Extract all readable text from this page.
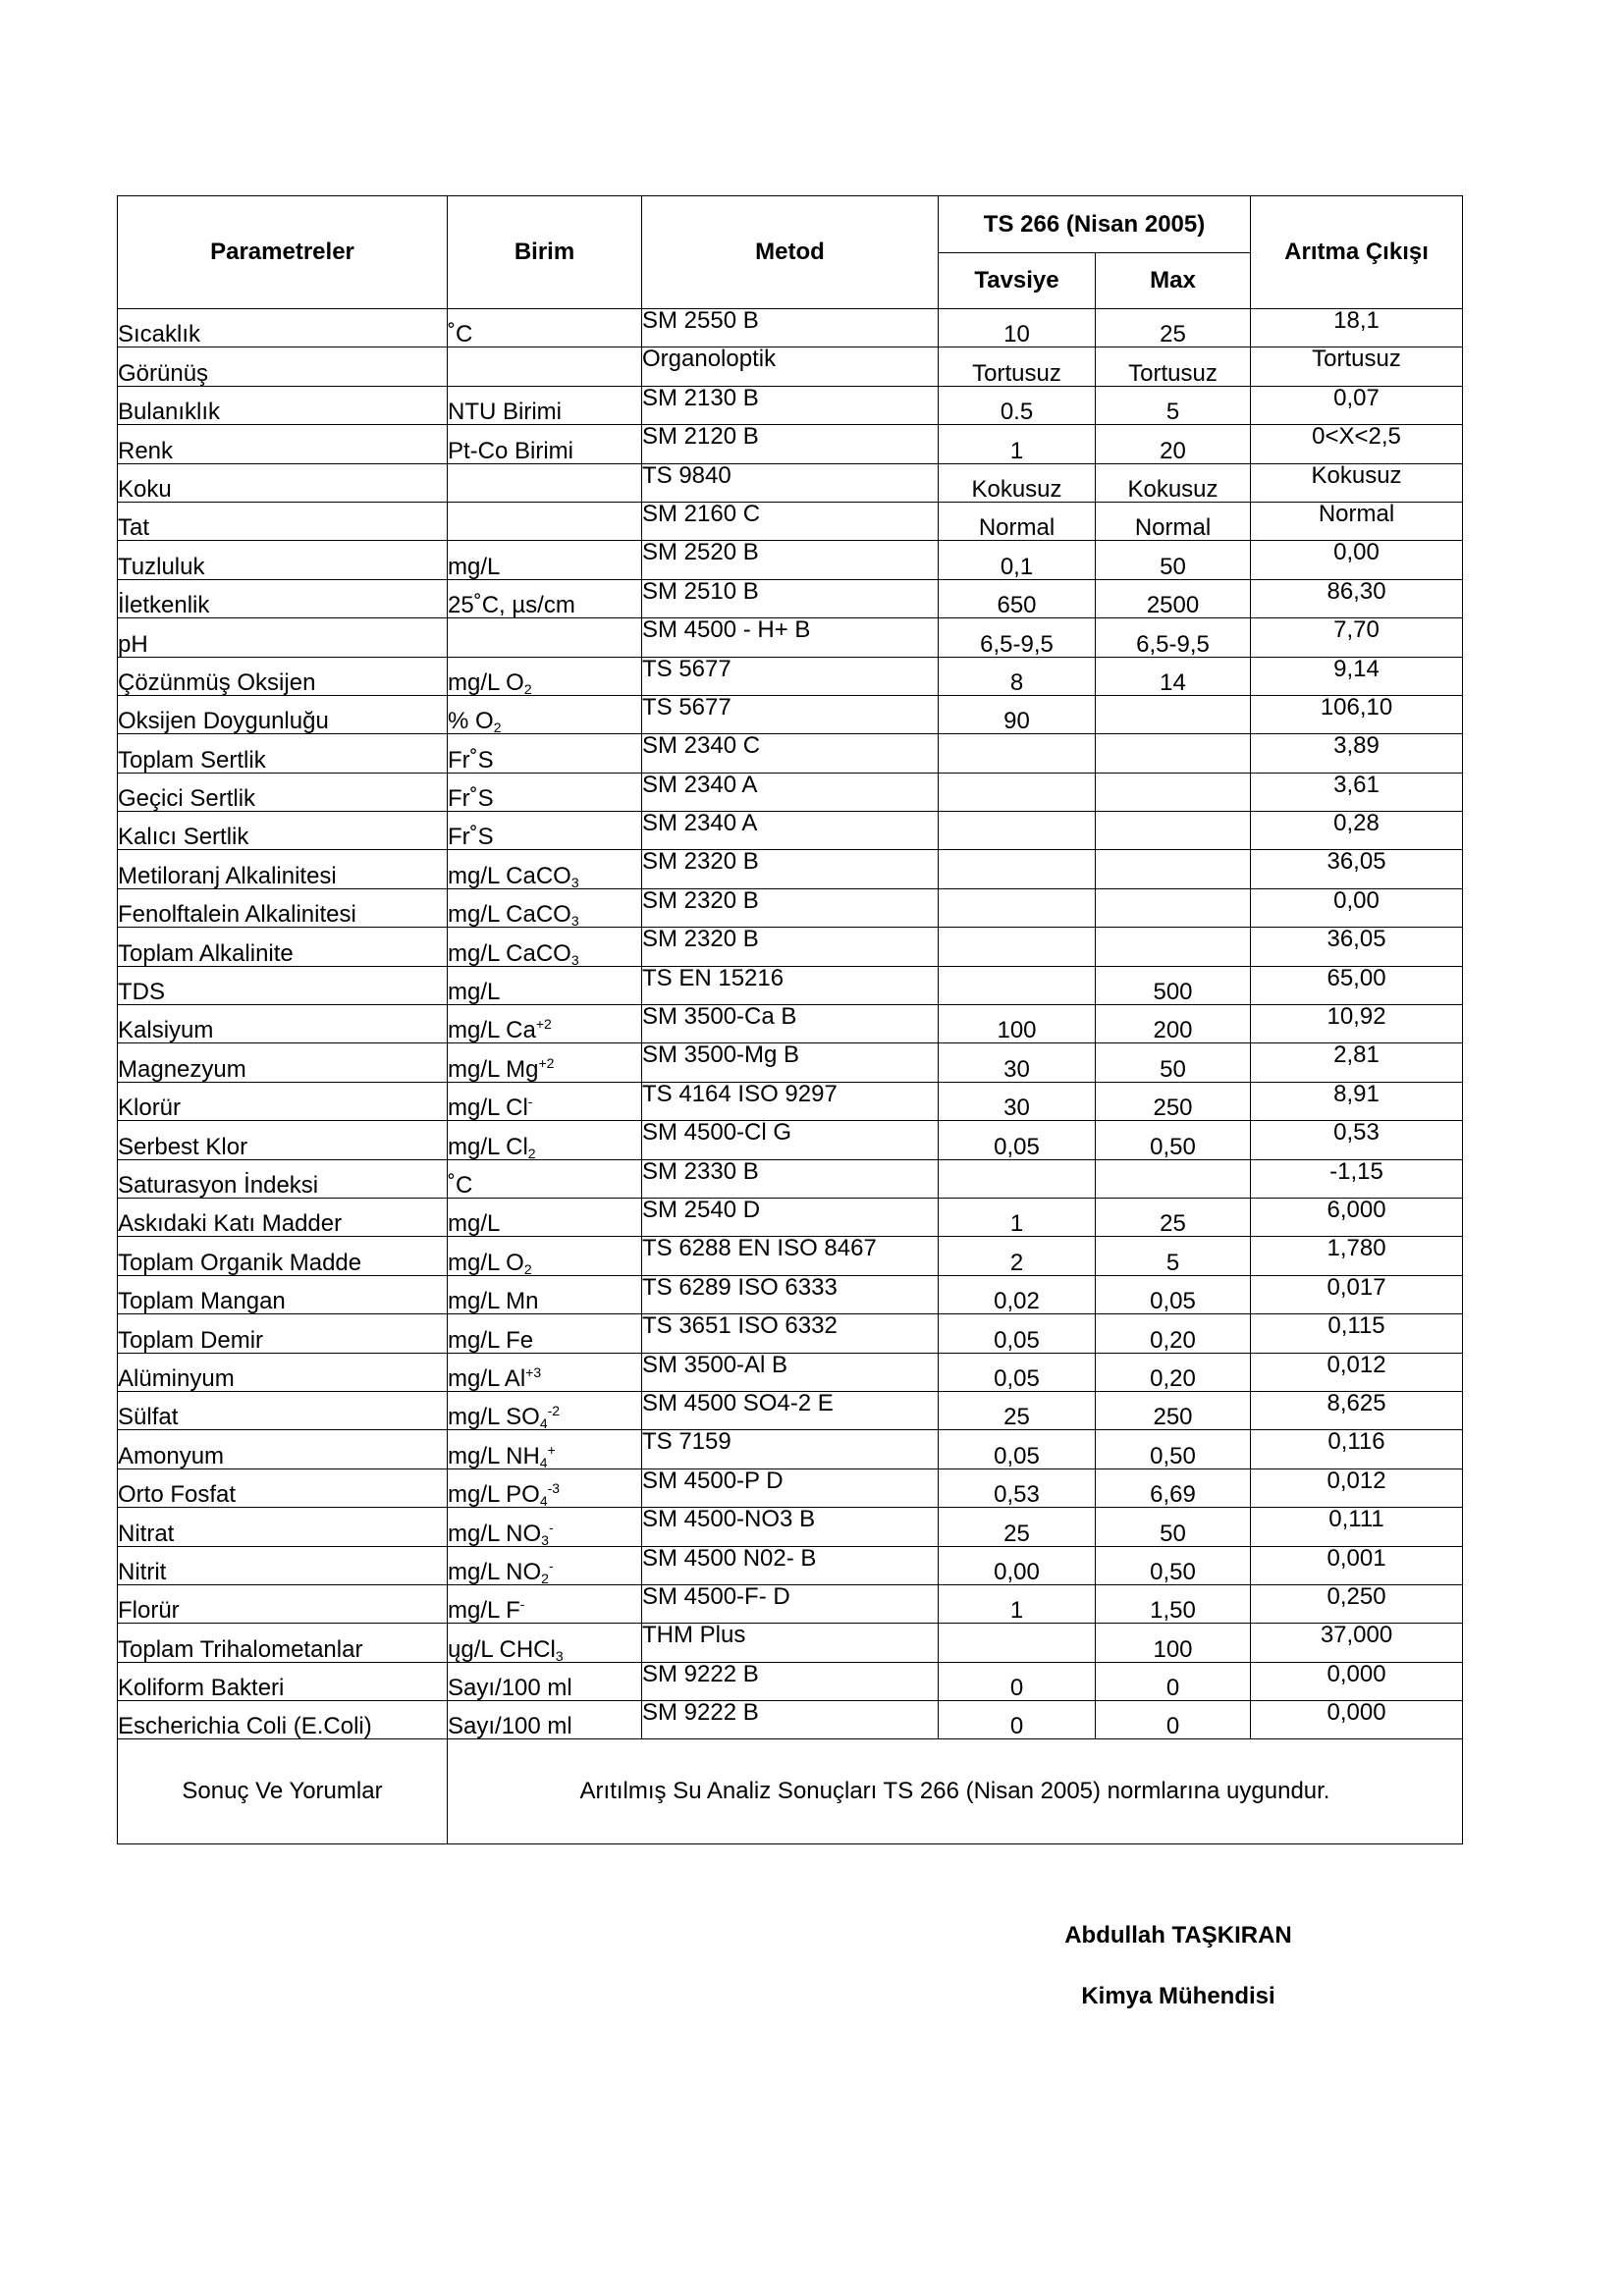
Parametreler	Birim	Metod	TS 266 (Nisan 2005)		Arıtma Çıkışı
			Tavsiye	Max	
Sıcaklık	˚C	SM 2550 B	10	25	18,1
Görünüş		Organoloptik	Tortusuz	Tortusuz	Tortusuz
Bulanıklık	NTU Birimi	SM 2130 B	0.5	5	0,07
Renk	Pt-Co Birimi	SM 2120 B	1	20	0<X<2,5
Koku		TS 9840	Kokusuz	Kokusuz	Kokusuz
Tat		SM 2160 C	Normal	Normal	Normal
Tuzluluk	mg/L	SM 2520 B	0,1	50	0,00
İletkenlik	25˚C, µs/cm	SM 2510 B	650	2500	86,30
pH		SM 4500 - H+ B	6,5-9,5	6,5-9,5	7,70
Çözünmüş Oksijen	mg/L $O_2$	TS 5677	8	14	9,14
Oksijen Doygunluğu	% $O_2$	TS 5677	90		106,10
Toplam Sertlik	Fr˚S	SM 2340 C			3,89
Geçici Sertlik	Fr˚S	SM 2340 A			3,61
Kalıcı Sertlik	Fr˚S	SM 2340 A			0,28
Metiloranj Alkalinitesi	mg/L CaCO$_3$	SM 2320 B			36,05
Fenolftalein Alkalinitesi	mg/L CaCO$_3$	SM 2320 B			0,00
Toplam Alkalinite	mg/L CaCO$_3$	SM 2320 B			36,05
TDS	mg/L	TS EN 15216		500	65,00
Kalsiyum	mg/L $Ca^{+2}$	SM 3500-Ca B	100	200	10,92
Magnezyum	mg/L $Mg^{+2}$	SM 3500-Mg B	30	50	2,81
Klorür	mg/L Cl-	TS 4164 ISO 9297	30	250	8,91
Serbest Klor	mg/L $Cl_2$	SM 4500-Cl G	0,05	0,50	0,53
Saturasyon İndeksi	˚C	SM 2330 B			-1,15
Askıdaki Katı Madder	mg/L	SM 2540 D	1	25	6,000
Toplam Organik Madde	mg/L $O_2$	TS 6288 EN ISO 8467	2	5	1,780
Toplam Mangan	mg/L Mn	TS 6289 ISO 6333	0,02	0,05	0,017
Toplam Demir	mg/L Fe	TS 3651 ISO 6332	0,05	0,20	0,115
Alüminyum	mg/L $Al^{+3}$	SM 3500-Al B	0,05	0,20	0,012
Sülfat	mg/L $SO_4^{-2}$	SM 4500 SO4-2 E	25	250	8,625
Amonyum	mg/L $NH_4^+$	TS 7159	0,05	0,50	0,116
Orto Fosfat	mg/L $PO_4^{-3}$	SM 4500-P D	0,53	6,69	0,012
Nitrat	mg/L $NO_3^-$	SM 4500-NO3 B	25	50	0,111
Nitrit	mg/L $NO_2^-$	SM 4500 N02- B	0,00	0,50	0,001
Florür	mg/L F-	SM 4500-F- D	1	1,50	0,250
Toplam Trihalometanlar	ųg/L CHCl$_3$	THM Plus		100	37,000
Koliform Bakteri	Sayı/100 ml	SM 9222 B	0	0	0,000
Escherichia Coli (E.Coli)	Sayı/100 ml	SM 9222 B	0	0	0,000
Sonuç Ve Yorumlar	Arıtılmış Su Analiz Sonuçları TS 266 (Nisan 2005) normlarına uygundur.				
Abdullah TAŞKIRAN
Kimya Mühendisi
